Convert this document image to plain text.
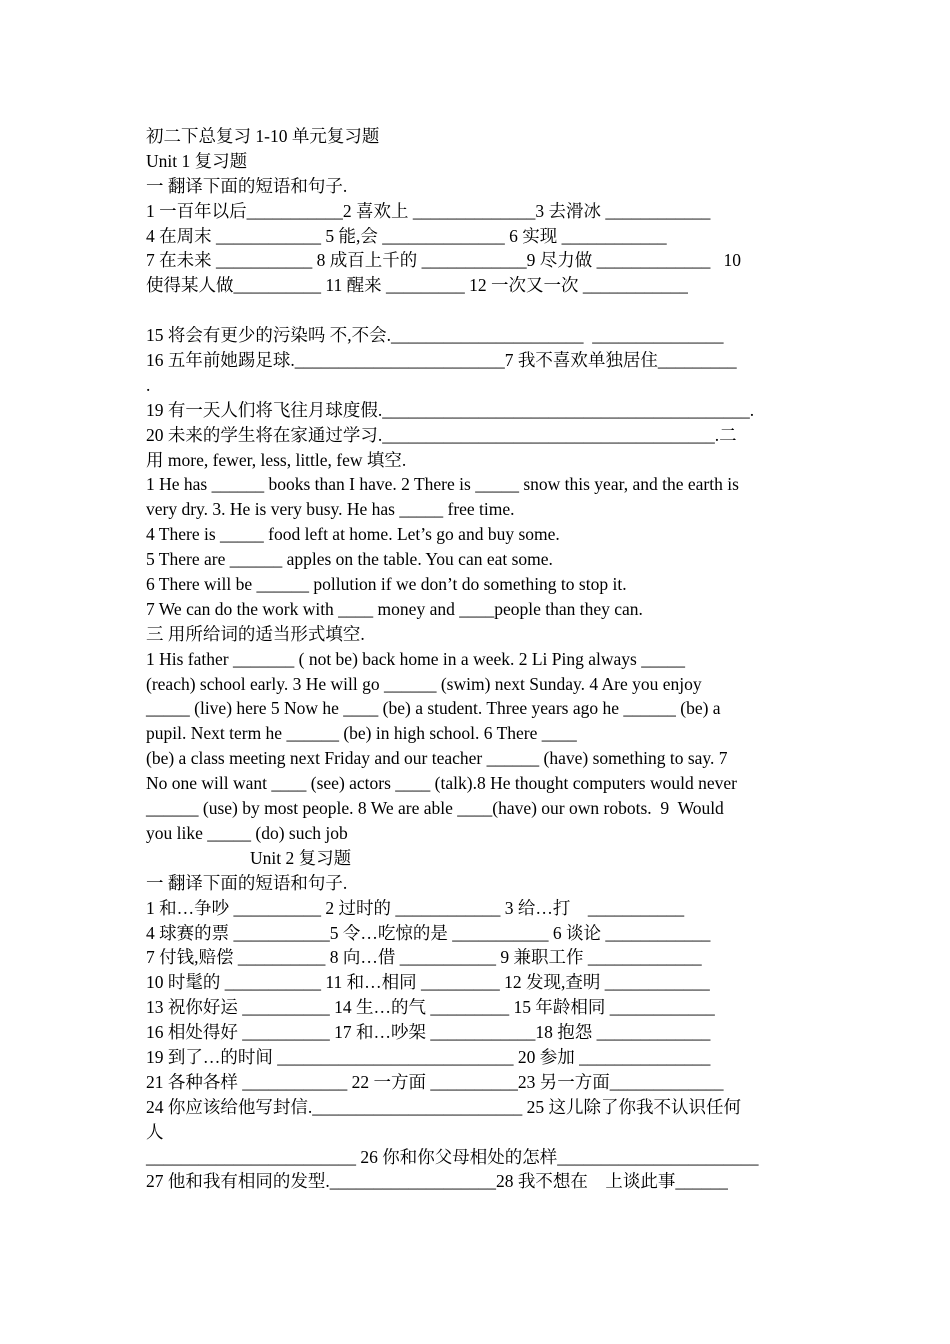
初二下总复习 1-10 单元复习题
Unit 1 复习题
一 翻译下面的短语和句子.
1 一百年以后___________2 喜欢上 ______________3 去滑冰 ____________
4 在周末 ____________ 5 能,会 ______________ 6 实现 ____________
7 在未来 ___________ 8 成百上千的 ____________9 尽力做 _____________   10
使得某人做__________ 11 醒来 _________ 12 一次又一次 ____________
15 将会有更少的污染吗 不,不会.______________________  _______________
16 五年前她踢足球.________________________7 我不喜欢单独居住_________
.
19 有一天人们将飞往月球度假.__________________________________________.
20 未来的学生将在家通过学习.______________________________________.二
用 more, fewer, less, little, few 填空.
1 He has ______ books than I have. 2 There is _____ snow this year, and the earth is
very dry. 3. He is very busy. He has _____ free time.
4 There is _____ food left at home. Let’s go and buy some.
5 There are ______ apples on the table. You can eat some.
6 There will be ______ pollution if we don’t do something to stop it.
7 We can do the work with ____ money and ____people than they can.
三 用所给词的适当形式填空.
1 His father _______ ( not be) back home in a week. 2 Li Ping always _____
(reach) school early. 3 He will go ______ (swim) next Sunday. 4 Are you enjoy
_____ (live) here 5 Now he ____ (be) a student. Three years ago he ______ (be) a
pupil. Next term he ______ (be) in high school. 6 There ____
(be) a class meeting next Friday and our teacher ______ (have) something to say. 7
No one will want ____ (see) actors ____ (talk).8 He thought computers would never
______ (use) by most people. 8 We are able ____(have) our own robots.  9  Would
you like _____ (do) such job
Unit 2 复习题
一 翻译下面的短语和句子.
1 和…争吵 __________ 2 过时的 ____________ 3 给…打    ___________
4 球赛的票 ___________5 令…吃惊的是 ___________ 6 谈论 ____________
7 付钱,赔偿 __________ 8 向…借 ___________ 9 兼职工作 _____________
10 时髦的 ___________ 11 和…相同 _________ 12 发现,查明 ____________
13 祝你好运 __________ 14 生…的气 _________ 15 年龄相同 ____________
16 相处得好 __________ 17 和…吵架 ____________18 抱怨 _____________
19 到了…的时间 ___________________________ 20 参加 _______________
21 各种各样 ____________ 22 一方面 __________23 另一方面_____________
24 你应该给他写封信.________________________ 25 这儿除了你我不认识任何
人
________________________ 26 你和你父母相处的怎样_______________________
27 他和我有相同的发型.___________________28 我不想在    上谈此事______
